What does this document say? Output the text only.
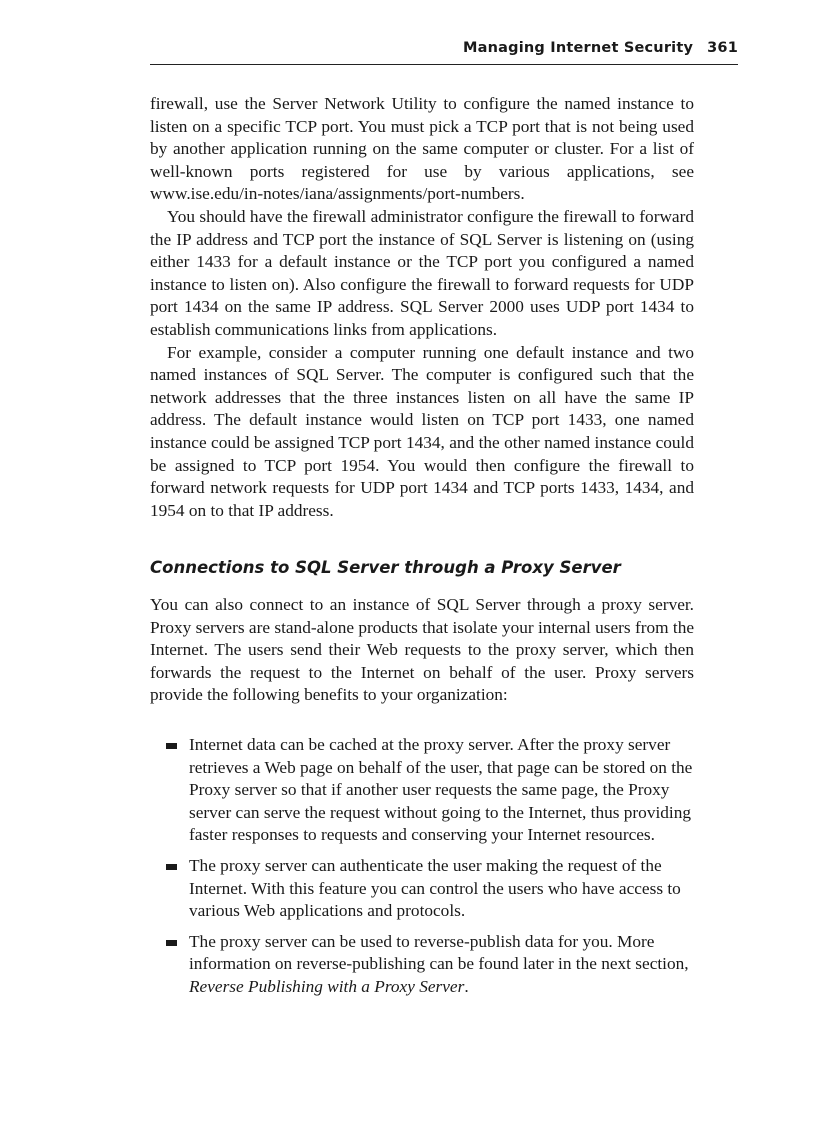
Managing Internet Security 361

firewall, use the Server Network Utility to configure the named instance to listen on a specific TCP port. You must pick a TCP port that is not being used by another application running on the same computer or cluster. For a list of well-known ports registered for use by various applications, see www.ise.edu/in-notes/iana/assignments/port-numbers.

You should have the firewall administrator configure the firewall to forward the IP address and TCP port the instance of SQL Server is listening on (using either 1433 for a default instance or the TCP port you configured a named instance to listen on). Also configure the firewall to forward requests for UDP port 1434 on the same IP address. SQL Server 2000 uses UDP port 1434 to establish communications links from applications.

For example, consider a computer running one default instance and two named instances of SQL Server. The computer is configured such that the network addresses that the three instances listen on all have the same IP address. The default instance would listen on TCP port 1433, one named instance could be assigned TCP port 1434, and the other named instance could be assigned to TCP port 1954. You would then configure the firewall to forward network requests for UDP port 1434 and TCP ports 1433, 1434, and 1954 on to that IP address.

Connections to SQL Server through a Proxy Server

You can also connect to an instance of SQL Server through a proxy server. Proxy servers are stand-alone products that isolate your internal users from the Internet. The users send their Web requests to the proxy server, which then forwards the request to the Internet on behalf of the user. Proxy servers provide the following benefits to your organization:

Internet data can be cached at the proxy server. After the proxy server retrieves a Web page on behalf of the user, that page can be stored on the Proxy server so that if another user requests the same page, the Proxy server can serve the request without going to the Internet, thus providing faster responses to requests and conserving your Internet resources.
The proxy server can authenticate the user making the request of the Internet. With this feature you can control the users who have access to various Web applications and protocols.
The proxy server can be used to reverse-publish data for you. More information on reverse-publishing can be found later in the next section, Reverse Publishing with a Proxy Server.
